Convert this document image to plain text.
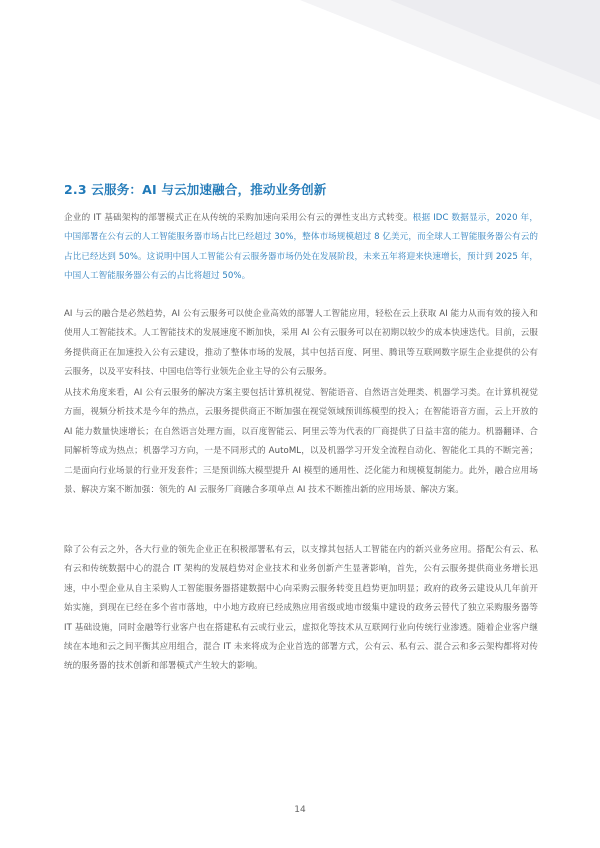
2.3 云服务：AI 与云加速融合，推动业务创新

企业的 IT 基础架构的部署模式正在从传统的采购加速向采用公有云的弹性支出方式转变。根据 IDC 数据显示，2020 年，中国部署在公有云的人工智能服务器市场占比已经超过 30%，整体市场规模超过 8 亿美元，而全球人工智能服务器公有云的占比已经达到 50%。这说明中国人工智能公有云服务器市场仍处在发展阶段，未来五年将迎来快速增长，预计到 2025 年，中国人工智能服务器公有云的占比将超过 50%。

AI 与云的融合是必然趋势，AI 公有云服务可以使企业高效的部署人工智能应用，轻松在云上获取 AI 能力从而有效的接入和使用人工智能技术。人工智能技术的发展速度不断加快，采用 AI 公有云服务可以在初期以较少的成本快速迭代。目前，云服务提供商正在加速投入公有云建设，推动了整体市场的发展，其中包括百度、阿里、腾讯等互联网数字原生企业提供的公有云服务，以及平安科技、中国电信等行业领先企业主导的公有云服务。

从技术角度来看，AI 公有云服务的解决方案主要包括计算机视觉、智能语音、自然语言处理类、机器学习类。在计算机视觉方面，视频分析技术是今年的热点，云服务提供商正不断加强在视觉领域预训练模型的投入；在智能语音方面，云上开放的 AI 能力数量快速增长；在自然语言处理方面，以百度智能云、阿里云等为代表的厂商提供了日益丰富的能力。机器翻译、合同解析等成为热点；机器学习方向，一是不同形式的 AutoML，以及机器学习开发全流程自动化、智能化工具的不断完善；二是面向行业场景的行业开发套件；三是预训练大模型提升 AI 模型的通用性、泛化能力和规模复制能力。此外，融合应用场景、解决方案不断加强：领先的 AI 云服务厂商融合多项单点 AI 技术不断推出新的应用场景、解决方案。

除了公有云之外，各大行业的领先企业正在积极部署私有云，以支撑其包括人工智能在内的新兴业务应用。搭配公有云、私有云和传统数据中心的混合 IT 架构的发展趋势对企业技术和业务创新产生显著影响，首先，公有云服务提供商业务增长迅速，中小型企业从自主采购人工智能服务器搭建数据中心向采购云服务转变且趋势更加明显；政府的政务云建设从几年前开始实施，到现在已经在多个省市落地，中小地方政府已经成熟应用省级或地市级集中建设的政务云替代了独立采购服务器等 IT 基础设施，同时金融等行业客户也在搭建私有云或行业云，虚拟化等技术从互联网行业向传统行业渗透。随着企业客户继续在本地和云之间平衡其应用组合，混合 IT 未来将成为企业首选的部署方式，公有云、私有云、混合云和多云架构都将对传统的服务器的技术创新和部署模式产生较大的影响。

14
